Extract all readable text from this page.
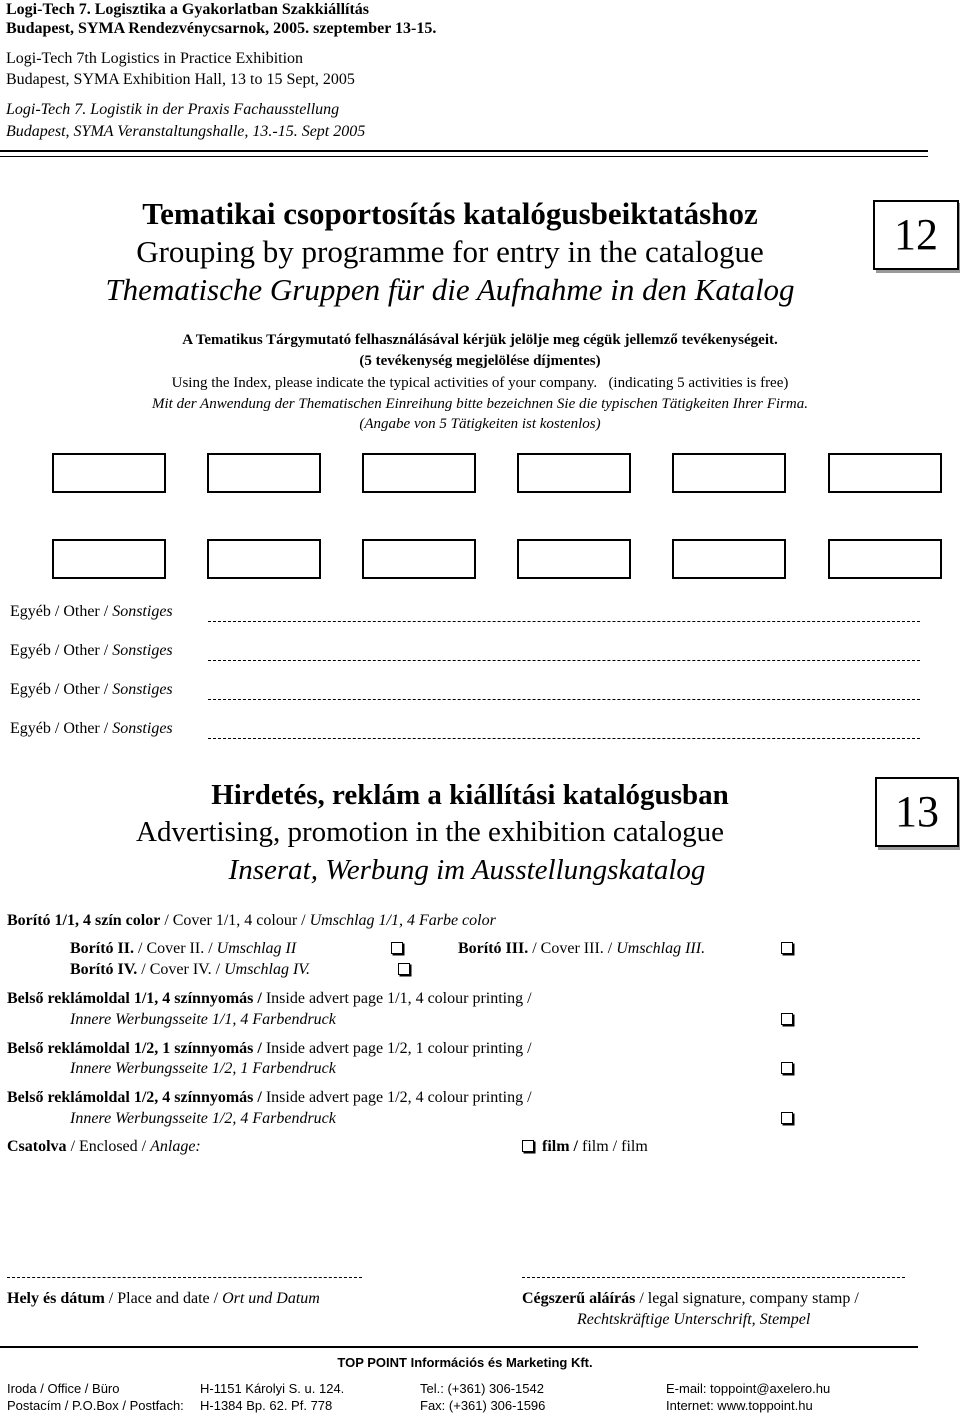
Logi-Tech 7. Logisztika a Gyakorlatban Szakkiállítás
Budapest, SYMA Rendezvénycsarnok, 2005. szeptember 13-15.
Logi-Tech 7th Logistics in Practice Exhibition
Budapest, SYMA Exhibition Hall, 13 to 15 Sept, 2005
Logi-Tech 7. Logistik in der Praxis Fachausstellung
Budapest, SYMA Veranstaltungshalle, 13.-15. Sept 2005
Tematikai csoportosítás katalógusbeiktatáshoz
Grouping by programme for entry in the catalogue
Thematische Gruppen für die Aufnahme in den Katalog
12
A Tematikus Tárgymutató felhasználásával kérjük jelölje meg cégük jellemző tevékenységeit.
(5 tevékenység megjelölése díjmentes)
Using the Index, please indicate the typical activities of your company. (indicating 5 activities is free)
Mit der Anwendung der Thematischen Einreihung bitte bezeichnen Sie die typischen Tätigkeiten Ihrer Firma.
(Angabe von 5 Tätigkeiten ist kostenlos)
Egyéb / Other / Sonstiges
Egyéb / Other / Sonstiges
Egyéb / Other / Sonstiges
Egyéb / Other / Sonstiges
Hirdetés, reklám a kiállítási katalógusban
Advertising, promotion in the exhibition catalogue
Inserat, Werbung im Ausstellungskatalog
13
Borító 1/1, 4 szín color / Cover 1/1, 4 colour / Umschlag 1/1, 4 Farbe color
Borító II. / Cover II. / Umschlag II	Borító III. / Cover III. / Umschlag III.
Borító IV. / Cover IV. / Umschlag IV.
Belső reklámoldal 1/1, 4 színnyomás / Inside advert page 1/1, 4 colour printing /
Innere Werbungsseite 1/1, 4 Farbendruck
Belső reklámoldal 1/2, 1 színnyomás / Inside advert page 1/2, 1 colour printing /
Innere Werbungsseite 1/2, 1 Farbendruck
Belső reklámoldal 1/2, 4 színnyomás / Inside advert page 1/2, 4 colour printing /
Innere Werbungsseite 1/2, 4 Farbendruck
Csatolva / Enclosed / Anlage:	film / film / film
Hely és dátum / Place and date / Ort und Datum	Cégszerű aláírás / legal signature, company stamp /
Rechtskräftige Unterschrift, Stempel
TOP POINT Információs és Marketing Kft.
Iroda / Office / Büro	H-1151 Károlyi S. u. 124.	Tel.: (+361) 306-1542	E-mail: toppoint@axelero.hu
Postacím / P.O.Box / Postfach: H-1384 Bp. 62. Pf. 778	Fax: (+361) 306-1596	Internet: www.toppoint.hu
